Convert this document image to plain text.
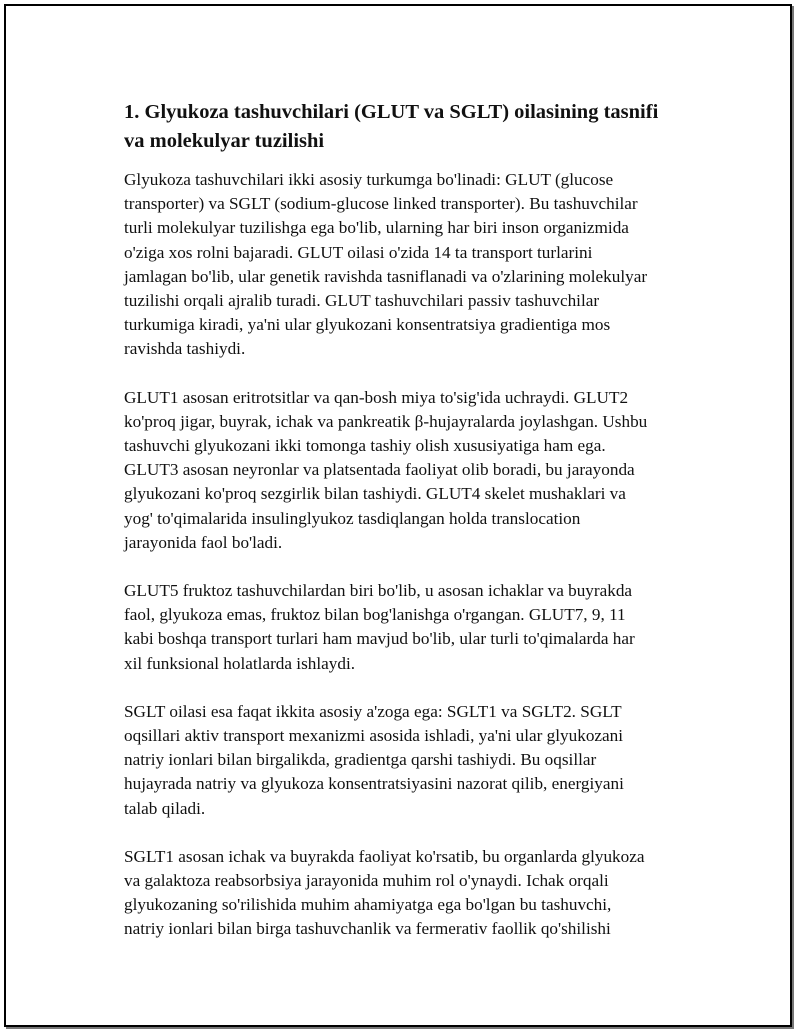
1. Glyukoza tashuvchilari (GLUT va SGLT) oilasining tasnifi
va molekulyar tuzilishi

Glyukoza tashuvchilari ikki asosiy turkumga bo'linadi: GLUT (glucose
transporter) va SGLT (sodium-glucose linked transporter). Bu tashuvchilar
turli molekulyar tuzilishga ega bo'lib, ularning har biri inson organizmida
o'ziga xos rolni bajaradi. GLUT oilasi o'zida 14 ta transport turlarini
jamlagan bo'lib, ular genetik ravishda tasniflanadi va o'zlarining molekulyar
tuzilishi orqali ajralib turadi. GLUT tashuvchilari passiv tashuvchilar
turkumiga kiradi, ya'ni ular glyukozani konsentratsiya gradientiga mos
ravishda tashiydi.

GLUT1 asosan eritrotsitlar va qan-bosh miya to'sig'ida uchraydi. GLUT2
ko'proq jigar, buyrak, ichak va pankreatik β-hujayralarda joylashgan. Ushbu
tashuvchi glyukozani ikki tomonga tashiy olish xususiyatiga ham ega.
GLUT3 asosan neyronlar va platsentada faoliyat olib boradi, bu jarayonda
glyukozani ko'proq sezgirlik bilan tashiydi. GLUT4 skelet mushaklari va
yog' to'qimalarida insulinglyukoz tasdiqlangan holda translocation
jarayonida faol bo'ladi.

GLUT5 fruktoz tashuvchilardan biri bo'lib, u asosan ichaklar va buyrakda
faol, glyukoza emas, fruktoz bilan bog'lanishga o'rgangan. GLUT7, 9, 11
kabi boshqa transport turlari ham mavjud bo'lib, ular turli to'qimalarda har
xil funksional holatlarda ishlaydi.

SGLT oilasi esa faqat ikkita asosiy a'zoga ega: SGLT1 va SGLT2. SGLT
oqsillari aktiv transport mexanizmi asosida ishladi, ya'ni ular glyukozani
natriy ionlari bilan birgalikda, gradientga qarshi tashiydi. Bu oqsillar
hujayrada natriy va glyukoza konsentratsiyasini nazorat qilib, energiyani
talab qiladi.

SGLT1 asosan ichak va buyrakda faoliyat ko'rsatib, bu organlarda glyukoza
va galaktoza reabsorbsiya jarayonida muhim rol o'ynaydi. Ichak orqali
glyukozaning so'rilishida muhim ahamiyatga ega bo'lgan bu tashuvchi,
natriy ionlari bilan birga tashuvchanlik va fermerativ faollik qo'shilishi
